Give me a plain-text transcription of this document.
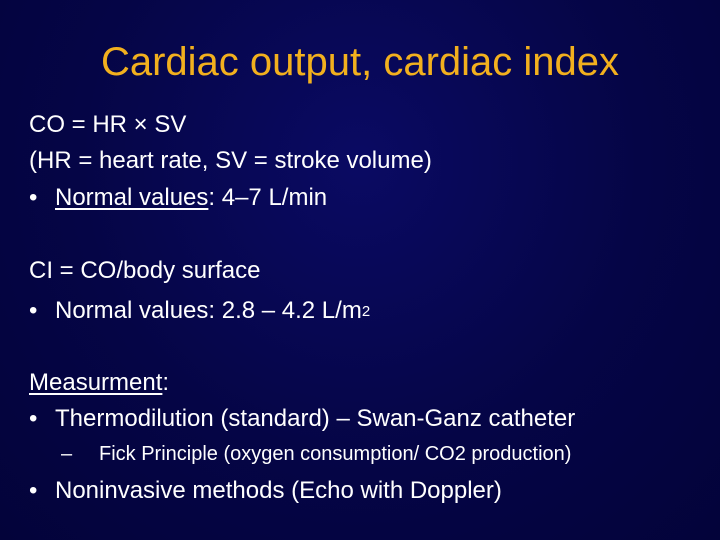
Cardiac output, cardiac index
CO = HR × SV
(HR = heart rate, SV = stroke volume)
• Normal values: 4–7 L/min
CI = CO/body surface
• Normal values: 2.8 – 4.2 $L/m^2$
Measurment:
• Thermodilution (standard) – Swan-Ganz catheter
– Fick Principle (oxygen consumption/ CO2 production)
• Noninvasive methods (Echo with Doppler)
